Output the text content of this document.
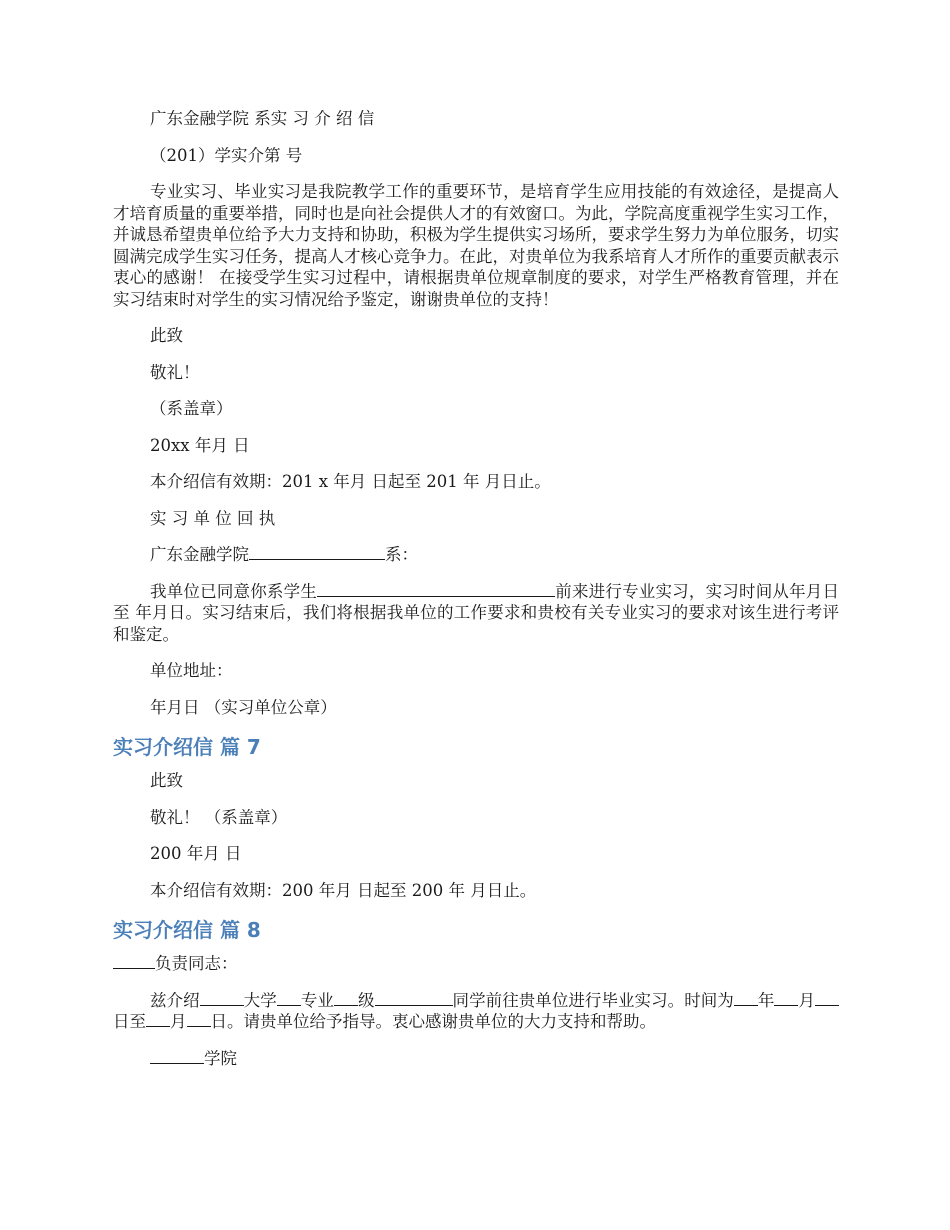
广东金融学院 系实 习 介 绍 信

（201）学实介第 号

专业实习、毕业实习是我院教学工作的重要环节，是培育学生应用技能的有效途径，是提高人才培育质量的重要举措，同时也是向社会提供人才的有效窗口。为此，学院高度重视学生实习工作，并诚恳希望贵单位给予大力支持和协助，积极为学生提供实习场所，要求学生努力为单位服务，切实圆满完成学生实习任务，提高人才核心竞争力。在此，对贵单位为我系培育人才所作的重要贡献表示衷心的感谢！ 在接受学生实习过程中，请根据贵单位规章制度的要求，对学生严格教育管理，并在实习结束时对学生的实习情况给予鉴定，谢谢贵单位的支持！

此致

敬礼！

（系盖章）

20xx 年月 日

本介绍信有效期：201 x 年月 日起至 201 年 月日止。

实 习 单 位 回 执

广东金融学院	系：

我单位已同意你系学生	前来进行专业实习，实习时间从年月日至 年月日。实习结束后，我们将根据我单位的工作要求和贵校有关专业实习的要求对该生进行考评和鉴定。

单位地址：

年月日 （实习单位公章）

实习介绍信 篇 7

此致

敬礼！ （系盖章）

200 年月 日

本介绍信有效期：200 年月 日起至 200 年 月日止。

实习介绍信 篇 8

负责同志：

兹介绍	大学 专业 级	同学前往贵单位进行毕业实习。时间为 年 月日至 月 日。请贵单位给予指导。衷心感谢贵单位的大力支持和帮助。

学院
